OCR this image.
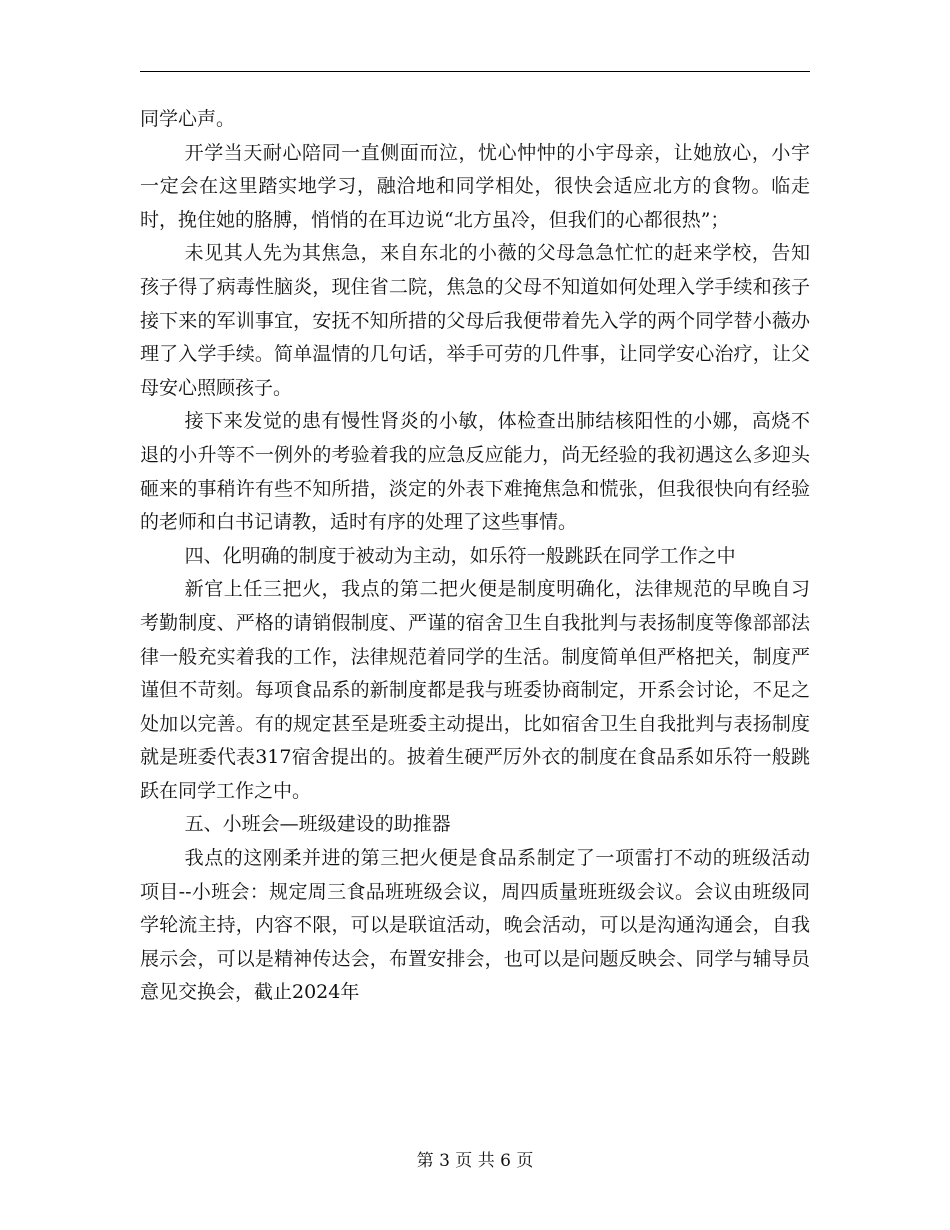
同学心声。

开学当天耐心陪同一直侧面而泣，忧心忡忡的小宇母亲，让她放心，小宇一定会在这里踏实地学习，融洽地和同学相处，很快会适应北方的食物。临走时，挽住她的胳膊，悄悄的在耳边说“北方虽冷，但我们的心都很热”；

未见其人先为其焦急，来自东北的小薇的父母急急忙忙的赶来学校，告知孩子得了病毒性脑炎，现住省二院，焦急的父母不知道如何处理入学手续和孩子接下来的军训事宜，安抚不知所措的父母后我便带着先入学的两个同学替小薇办理了入学手续。简单温情的几句话，举手可劳的几件事，让同学安心治疗，让父母安心照顾孩子。

接下来发觉的患有慢性肾炎的小敏，体检查出肺结核阳性的小娜，高烧不退的小升等不一例外的考验着我的应急反应能力，尚无经验的我初遇这么多迎头砸来的事稍许有些不知所措，淡定的外表下难掩焦急和慌张，但我很快向有经验的老师和白书记请教，适时有序的处理了这些事情。

四、化明确的制度于被动为主动，如乐符一般跳跃在同学工作之中

新官上任三把火，我点的第二把火便是制度明确化，法律规范的早晚自习考勤制度、严格的请销假制度、严谨的宿舍卫生自我批判与表扬制度等像部部法律一般充实着我的工作，法律规范着同学的生活。制度简单但严格把关，制度严谨但不苛刻。每项食品系的新制度都是我与班委协商制定，开系会讨论，不足之处加以完善。有的规定甚至是班委主动提出，比如宿舍卫生自我批判与表扬制度就是班委代表317宿舍提出的。披着生硬严厉外衣的制度在食品系如乐符一般跳跃在同学工作之中。

五、小班会—班级建设的助推器

我点的这刚柔并进的第三把火便是食品系制定了一项雷打不动的班级活动项目--小班会：规定周三食品班班级会议，周四质量班班级会议。会议由班级同学轮流主持，内容不限，可以是联谊活动，晚会活动，可以是沟通沟通会，自我展示会，可以是精神传达会，布置安排会，也可以是问题反映会、同学与辅导员意见交换会，截止2024年

第 3 页 共 6 页
